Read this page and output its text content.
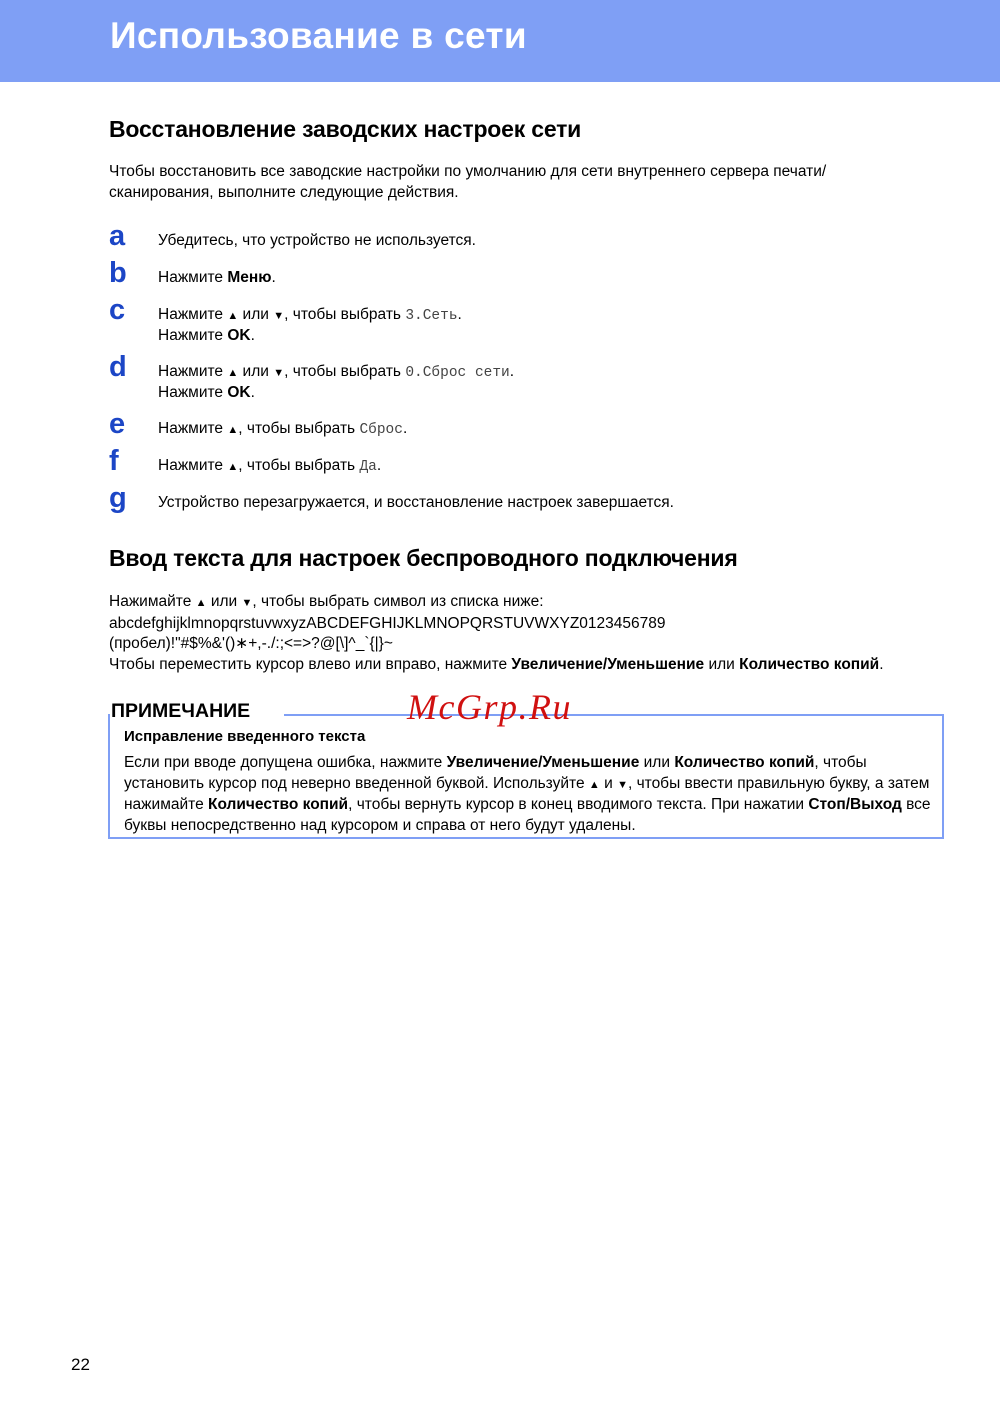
Использование в сети
Восстановление заводских настроек сети
Чтобы восстановить все заводские настройки по умолчанию для сети внутреннего сервера печати/сканирования, выполните следующие действия.
a Убедитесь, что устройство не используется.
b Нажмите Меню.
c Нажмите ▲ или ▼, чтобы выбрать 3.Сеть.
Нажмите OK.
d Нажмите ▲ или ▼, чтобы выбрать 0.Сброс сети.
Нажмите OK.
e Нажмите ▲, чтобы выбрать Сброс.
f	Нажмите ▲, чтобы выбрать Да.
g Устройство перезагружается, и восстановление настроек завершается.
Ввод текста для настроек беспроводного подключения
Нажимайте ▲ или ▼, чтобы выбрать символ из списка ниже:
abcdefghijklmnopqrstuvwxyzABCDEFGHIJKLMNOPQRSTUVWXYZ0123456789
(пробел)!"#$%&'()∗+,-./:;<=>?@[\]^_`{|}~
Чтобы переместить курсор влево или вправо, нажмите Увеличение/Уменьшение или Количество копий.
ПРИМЕЧАНИЕ
Исправление введенного текста
Если при вводе допущена ошибка, нажмите Увеличение/Уменьшение или Количество копий, чтобы установить курсор под неверно введенной буквой. Используйте ▲ и ▼, чтобы ввести правильную букву, а затем нажимайте Количество копий, чтобы вернуть курсор в конец вводимого текста. При нажатии Стоп/Выход все буквы непосредственно над курсором и справа от него будут удалены.
McGrp.Ru
22
